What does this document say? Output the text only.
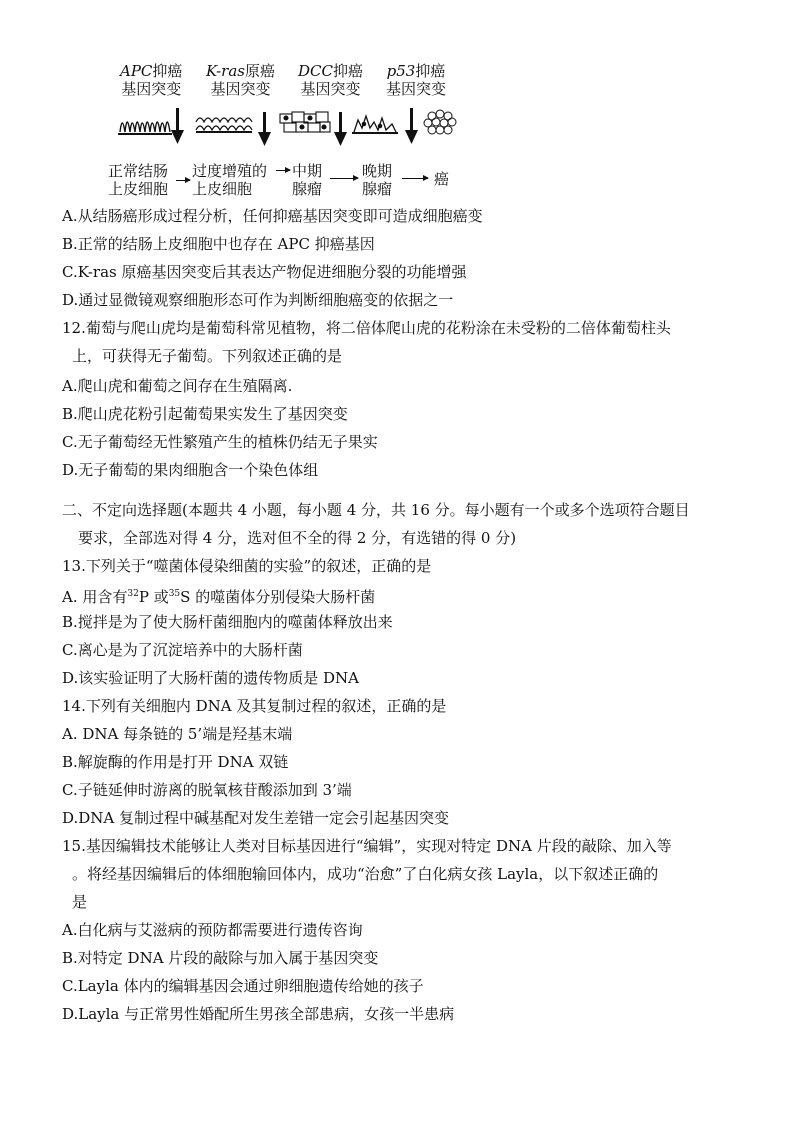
APC抑癌
基因突变
K-ras原癌
基因突变
DCC抑癌
基因突变
p53抑癌
基因突变
正常结肠
上皮细胞
过度增殖的
上皮细胞
中期
腺瘤
晚期
腺瘤
癌
A.从结肠癌形成过程分析，任何抑癌基因突变即可造成细胞癌变
B.正常的结肠上皮细胞中也存在 APC 抑癌基因
C.K-ras 原癌基因突变后其表达产物促进细胞分裂的功能增强
D.通过显微镜观察细胞形态可作为判断细胞癌变的依据之一
12.葡萄与爬山虎均是葡萄科常见植物，将二倍体爬山虎的花粉涂在未受粉的二倍体葡萄柱头
上，可获得无子葡萄。下列叙述正确的是
A.爬山虎和葡萄之间存在生殖隔离.
B.爬山虎花粉引起葡萄果实发生了基因突变
C.无子葡萄经无性繁殖产生的植株仍结无子果实
D.无子葡萄的果肉细胞含一个染色体组
二、不定向选择题(本题共 4 小题，每小题 4 分，共 16 分。每小题有一个或多个选项符合题目
要求，全部选对得 4 分，选对但不全的得 2 分，有选错的得 0 分)
13.下列关于“噬菌体侵染细菌的实验”的叙述，正确的是
A. 用含有$^{32}$P 或$^{35}$S 的噬菌体分别侵染大肠杆菌
B.搅拌是为了使大肠杆菌细胞内的噬菌体释放出来
C.离心是为了沉淀培养中的大肠杆菌
D.该实验证明了大肠杆菌的遗传物质是 DNA
14.下列有关细胞内 DNA 及其复制过程的叙述，正确的是
A. DNA 每条链的 5’端是羟基末端
B.解旋酶的作用是打开 DNA 双链
C.子链延伸时游离的脱氧核苷酸添加到 3’端
D.DNA 复制过程中碱基配对发生差错一定会引起基因突变
15.基因编辑技术能够让人类对目标基因进行“编辑”，实现对特定 DNA 片段的敲除、加入等
。将经基因编辑后的体细胞输回体内，成功“治愈”了白化病女孩 Layla，以下叙述正确的
是
A.白化病与艾滋病的预防都需要进行遗传咨询
B.对特定 DNA 片段的敲除与加入属于基因突变
C.Layla 体内的编辑基因会通过卵细胞遗传给她的孩子
D.Layla 与正常男性婚配所生男孩全部患病，女孩一半患病
